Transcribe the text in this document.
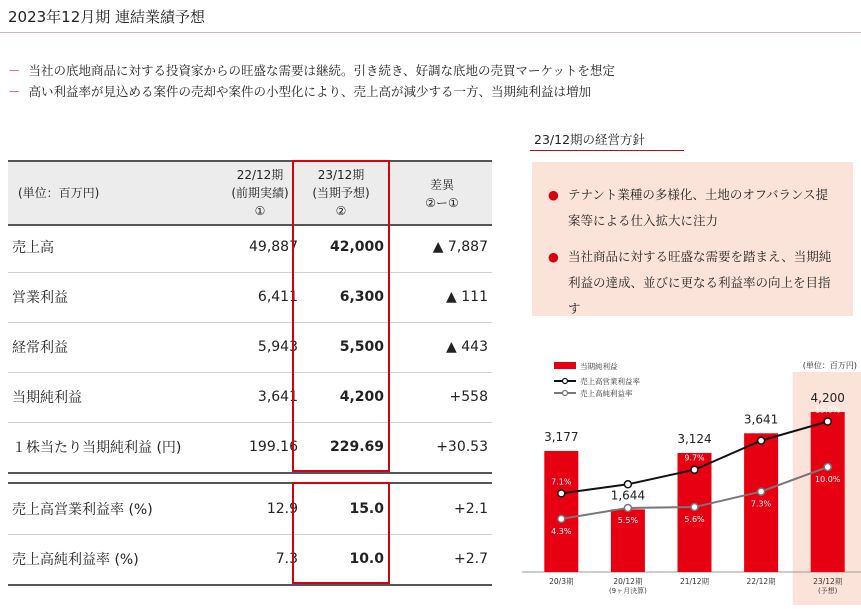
2023年12月期 連結業績予想
－ 当社の底地商品に対する投資家からの旺盛な需要は継続。引き続き、好調な底地の売買マーケットを想定
－ 高い利益率が見込める案件の売却や案件の小型化により、売上高が減少する一方、当期純利益は増加
(単位：百万円)
22/12期
(前期実績)
①
23/12期
(当期予想)
②
差異
②ー①
売上高	49,887	42,000	▲ 7,887
営業利益	6,411	6,300	▲ 111
経常利益	5,943	5,500	▲ 443
当期純利益	3,641	4,200	+558
１株当たり当期純利益 (円)	199.16	229.69	+30.53
売上高営業利益率 (%)	12.9	15.0	+2.1
売上高純利益率 (%)	7.3	10.0	+2.7
23/12期の経営方針
● テナント業種の多様化、土地のオフバランス提案等による仕入拡大に注力
● 当社商品に対する旺盛な需要を踏まえ、当期純利益の達成、並びに更なる利益率の向上を目指す
3,177
20/3期
1,644
20/12期
(9ヶ月決算)
3,124
21/12期
3,641
22/12期
4,200
23/12期
(予想)
7.1%
8.1%
9.7%
12.9%
15.0%
4.3%
5.5%	5.6%
7.3%
10.0%
当期純利益
売上高営業利益率
売上高純利益率
(単位：百万円)
